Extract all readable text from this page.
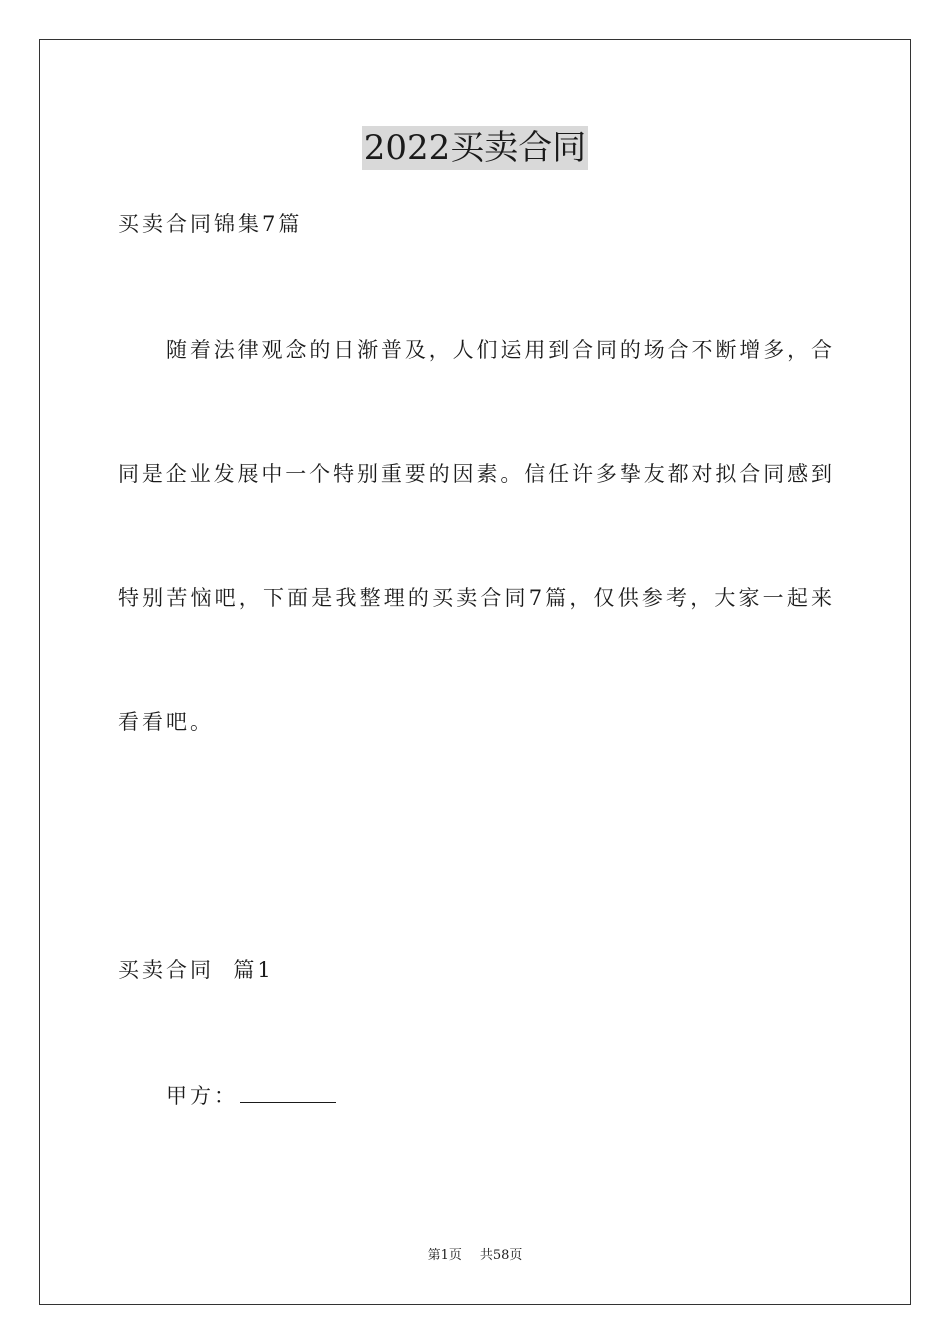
2022买卖合同
买卖合同锦集7篇
随着法律观念的日渐普及，人们运用到合同的场合不断增多，合
同是企业发展中一个特别重要的因素。信任许多挚友都对拟合同感到
特别苦恼吧，下面是我整理的买卖合同7篇，仅供参考，大家一起来
看看吧。
买卖合同  篇1
甲方：
第1页 共58页
